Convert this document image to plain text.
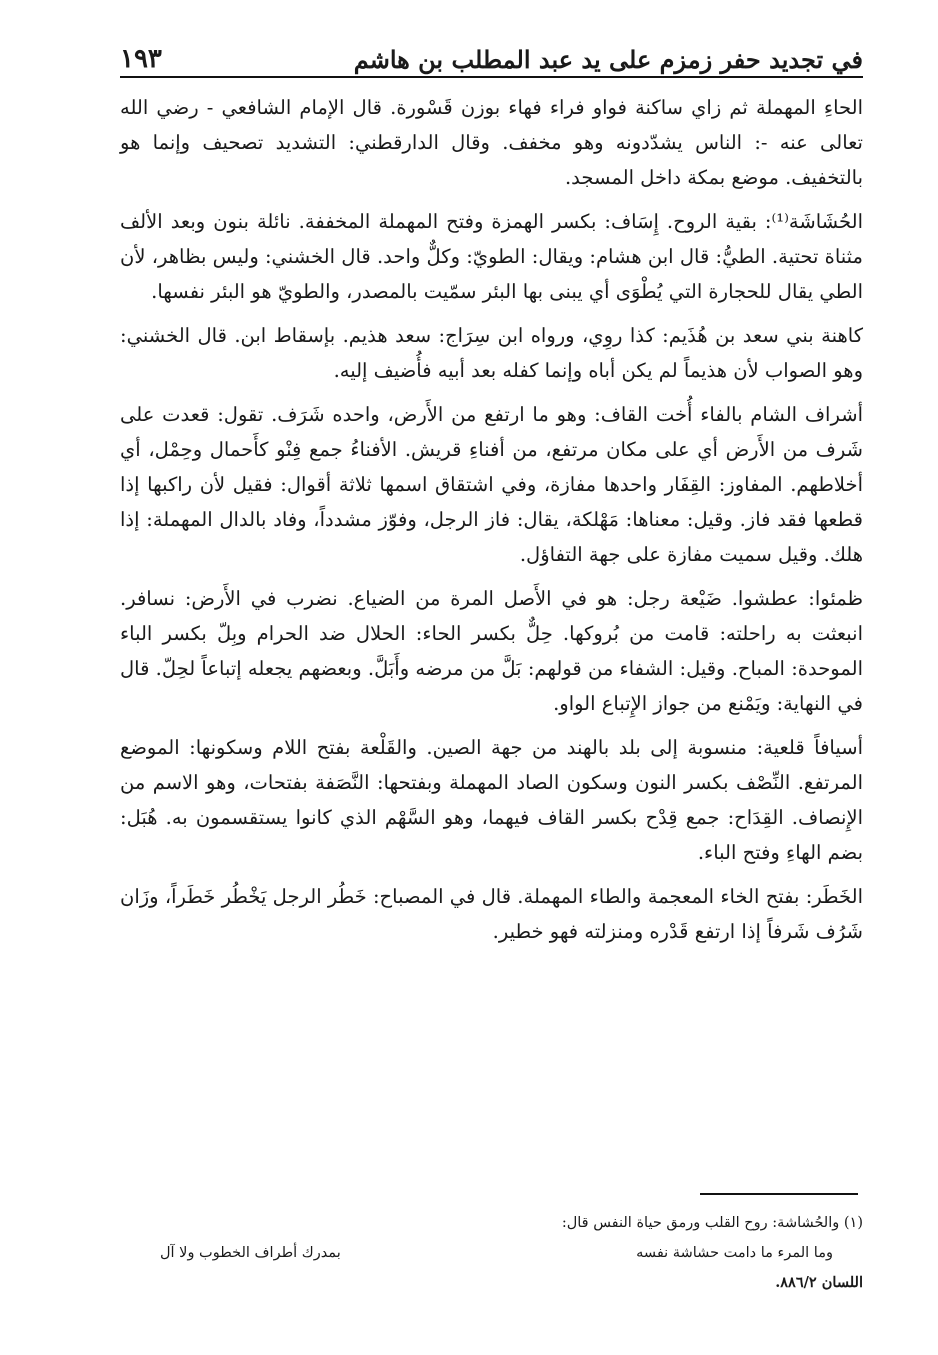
في تجديد حفر زمزم على يد عبد المطلب بن هاشم
١٩٣

الحاءِ المهملة ثم زاي ساكنة فواو فراء فهاء بوزن قَسْورة. قال الإمام الشافعي - رضي الله تعالى عنه -: الناس يشدّدونه وهو مخفف. وقال الدارقطني: التشديد تصحيف وإنما هو بالتخفيف. موضع بمكة داخل المسجد.

الحُشَاشَة⁽¹⁾: بقية الروح. إِسَاف: بكسر الهمزة وفتح المهملة المخففة. نائلة بنون وبعد الألف مثناة تحتية. الطيُّ: قال ابن هشام: ويقال: الطويّ: وكلٌّ واحد. قال الخشني: وليس بظاهر، لأن الطي يقال للحجارة التي يُطْوَى أي يبنى بها البئر سمّيت بالمصدر، والطويّ هو البئر نفسها.

كاهنة بني سعد بن هُذَيم: كذا روِي، ورواه ابن سِرَاج: سعد هذيم. بإسقاط ابن. قال الخشني: وهو الصواب لأن هذيماً لم يكن أباه وإنما كفله بعد أبيه فأُضيف إليه.

أشراف الشام بالفاء أُخت القاف: وهو ما ارتفع من الأَرض، واحده شَرَف. تقول: قعدت على شَرف من الأَرض أي على مكان مرتفع، من أفناءِ قريش. الأفناءُ جمع فِنْو كأَحمال وحِمْل، أي أخلاطهم. المفاوز: القِفَار واحدها مفازة، وفي اشتقاق اسمها ثلاثة أقوال: فقيل لأن راكبها إذا قطعها فقد فاز. وقيل: معناها: مَهْلكة، يقال: فاز الرجل، وفوّز مشدداً، وفاد بالدال المهملة: إذا هلك. وقيل سميت مفازة على جهة التفاؤل.

ظمئوا: عطشوا. ضَيْعة رجل: هو في الأَصل المرة من الضياع. نضرب في الأَرض: نسافر. انبعثت به راحلته: قامت من بُروكها. حِلٌّ بكسر الحاء: الحلال ضد الحرام وبِلّ بكسر الباء الموحدة: المباح. وقيل: الشفاء من قولهم: بَلَّ من مرضه وأَبَلَّ. وبعضهم يجعله إتباعاً لحِلّ. قال في النهاية: ويَمْنع من جواز الإِتباع الواو.

أسيافاً قلعية: منسوبة إلى بلد بالهند من جهة الصين. والقَلْعة بفتح اللام وسكونها: الموضع المرتفع. النِّصْف بكسر النون وسكون الصاد المهملة وبفتحها: النَّصَفة بفتحات، وهو الاسم من الإِنصاف. القِدَاح: جمع قِدْح بكسر القاف فيهما، وهو السَّهْم الذي كانوا يستقسمون به. هُبَل: بضم الهاءِ وفتح الباء.

الخَطَر: بفتح الخاء المعجمة والطاء المهملة. قال في المصباح: خَطُر الرجل يَخْطُر خَطَراً، وزَان شَرُف شَرفاً إذا ارتفع قَدْره ومنزلته فهو خطير.

(١) والحُشاشة: روح القلب ورمق حياة النفس قال:

وما المرء ما دامت حشاشة نفسه
بمدرك أطراف الخطوب ولا آل

اللسان ٨٨٦/٢.
